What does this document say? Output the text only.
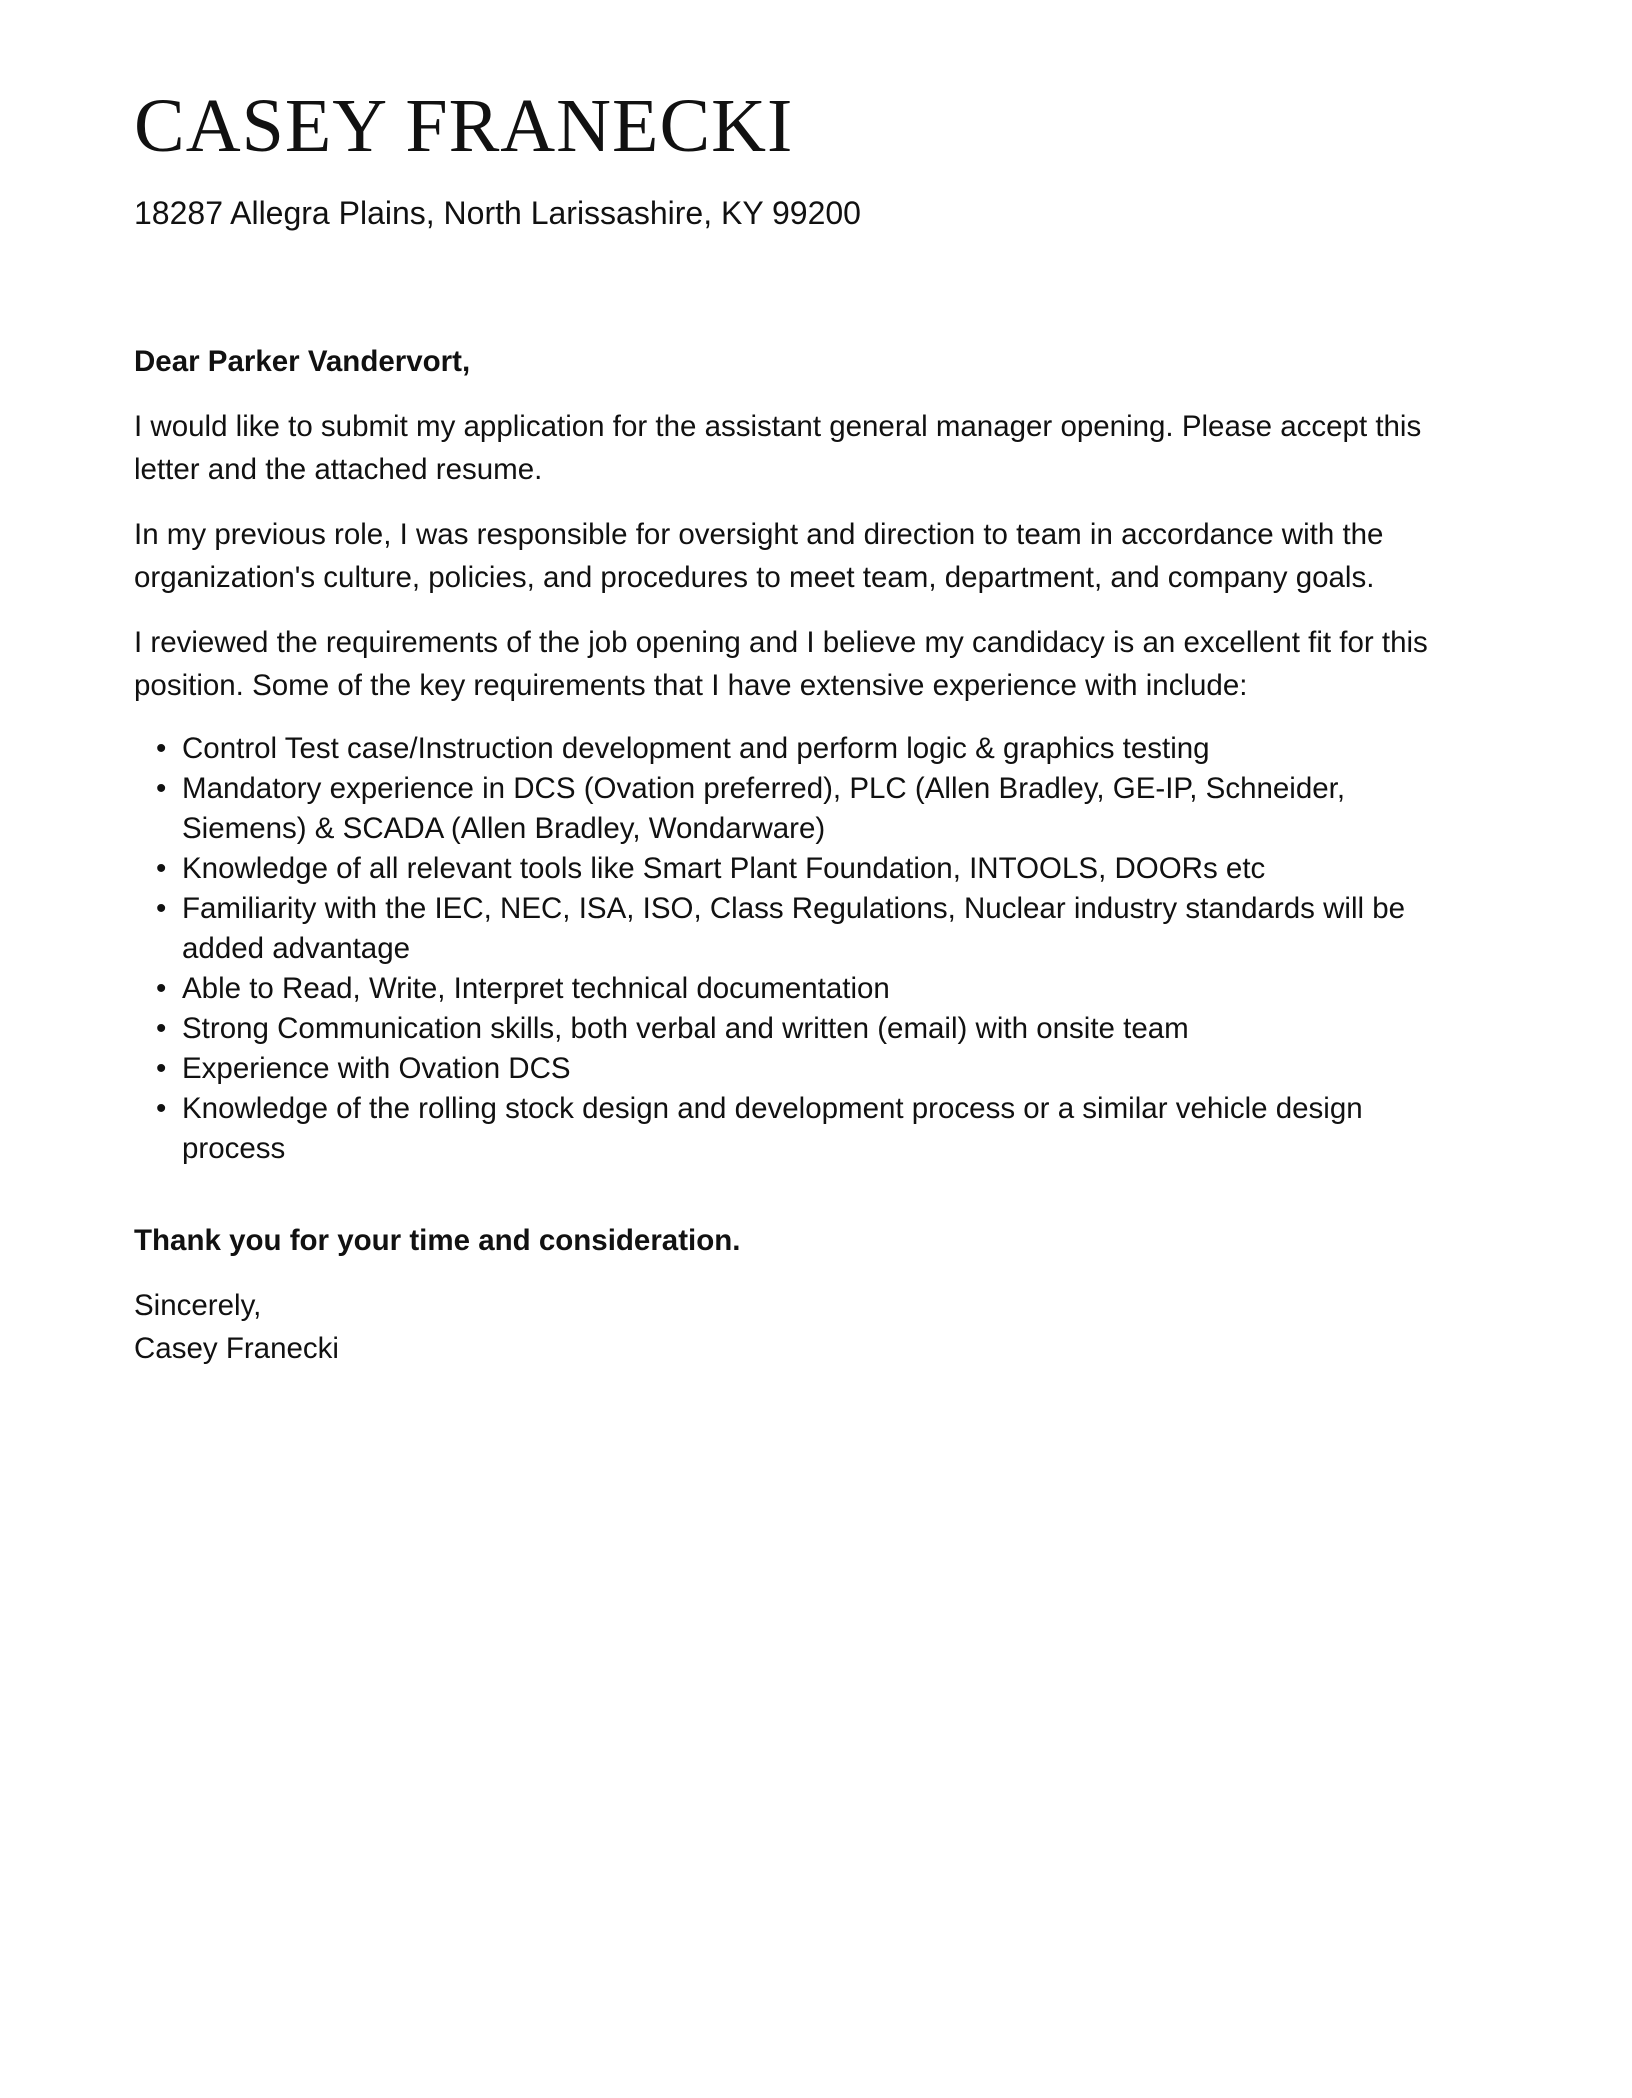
CASEY FRANECKI
18287 Allegra Plains, North Larissashire, KY 99200

Dear Parker Vandervort,

I would like to submit my application for the assistant general manager opening. Please accept this letter and the attached resume.

In my previous role, I was responsible for oversight and direction to team in accordance with the organization's culture, policies, and procedures to meet team, department, and company goals.

I reviewed the requirements of the job opening and I believe my candidacy is an excellent fit for this position. Some of the key requirements that I have extensive experience with include:

• Control Test case/Instruction development and perform logic & graphics testing
• Mandatory experience in DCS (Ovation preferred), PLC (Allen Bradley, GE-IP, Schneider, Siemens) & SCADA (Allen Bradley, Wondarware)
• Knowledge of all relevant tools like Smart Plant Foundation, INTOOLS, DOORs etc
• Familiarity with the IEC, NEC, ISA, ISO, Class Regulations, Nuclear industry standards will be added advantage
• Able to Read, Write, Interpret technical documentation
• Strong Communication skills, both verbal and written (email) with onsite team
• Experience with Ovation DCS
• Knowledge of the rolling stock design and development process or a similar vehicle design process

Thank you for your time and consideration.

Sincerely,
Casey Franecki
